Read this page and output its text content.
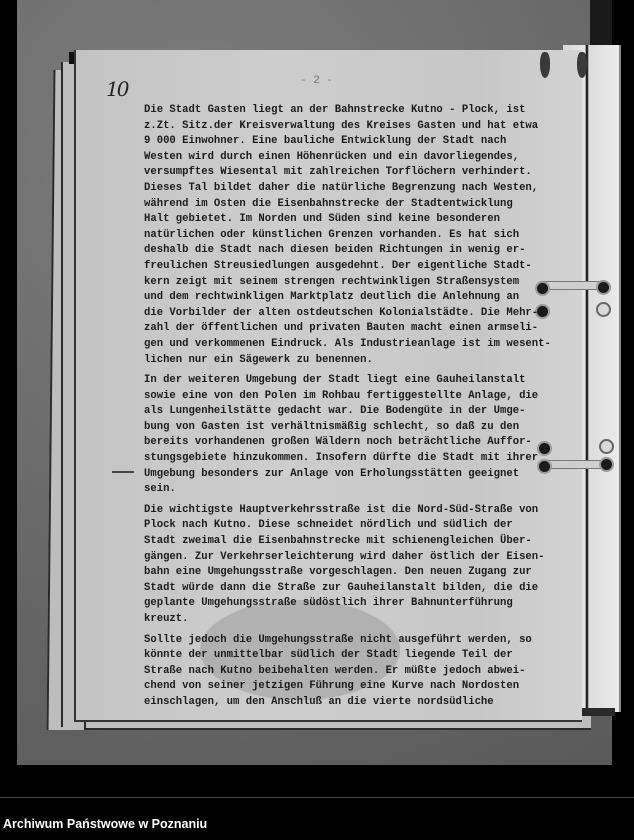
10	- 2 -
Die Stadt Gasten liegt an der Bahnstrecke Kutno - Plock, ist
z.Zt. Sitz.der Kreisverwaltung des Kreises Gasten und hat etwa
9 000 Einwohner. Eine bauliche Entwicklung der Stadt nach
Westen wird durch einen Höhenrücken und ein davorliegendes,
versumpftes Wiesental mit zahlreichen Torflöchern verhindert.
Dieses Tal bildet daher die natürliche Begrenzung nach Westen,
während im Osten die Eisenbahnstrecke der Stadtentwicklung
Halt gebietet. Im Norden und Süden sind keine besonderen
natürlichen oder künstlichen Grenzen vorhanden. Es hat sich
deshalb die Stadt nach diesen beiden Richtungen in wenig er-
freulichen Streusiedlungen ausgedehnt. Der eigentliche Stadt-
kern zeigt mit seinem strengen rechtwinkligen Straßensystem
und dem rechtwinkligen Marktplatz deutlich die Anlehnung an
die Vorbilder der alten ostdeutschen Kolonialstädte. Die Mehr-
zahl der öffentlichen und privaten Bauten macht einen armseli-
gen und verkommenen Eindruck. Als Industrieanlage ist im wesent-
lichen nur ein Sägewerk zu benennen.
In der weiteren Umgebung der Stadt liegt eine Gauheilanstalt
sowie eine von den Polen im Rohbau fertiggestellte Anlage, die
als Lungenheilstätte gedacht war. Die Bodengüte in der Umge-
bung von Gasten ist verhältnismäßig schlecht, so daß zu den
bereits vorhandenen großen Wäldern noch beträchtliche Auffor-
stungsgebiete hinzukommen. Insofern dürfte die Stadt mit ihrer
Umgebung besonders zur Anlage von Erholungsstätten geeignet
sein.
Die wichtigste Hauptverkehrsstraße ist die Nord-Süd-Straße von
Plock nach Kutno. Diese schneidet nördlich und südlich der
Stadt zweimal die Eisenbahnstrecke mit schienengleichen Über-
gängen. Zur Verkehrserleichterung wird daher östlich der Eisen-
bahn eine Umgehungsstraße vorgeschlagen. Den neuen Zugang zur
Stadt würde dann die Straße zur Gauheilanstalt bilden, die die
geplante Umgehungsstraße südöstlich ihrer Bahnunterführung
kreuzt.
Sollte jedoch die Umgehungsstraße nicht ausgeführt werden, so
könnte der unmittelbar südlich der Stadt liegende Teil der
Straße nach Kutno beibehalten werden. Er müßte jedoch abwei-
chend von seiner jetzigen Führung eine Kurve nach Nordosten
einschlagen, um den Anschluß an die vierte nordsüdliche
Archiwum Państwowe w Poznaniu
